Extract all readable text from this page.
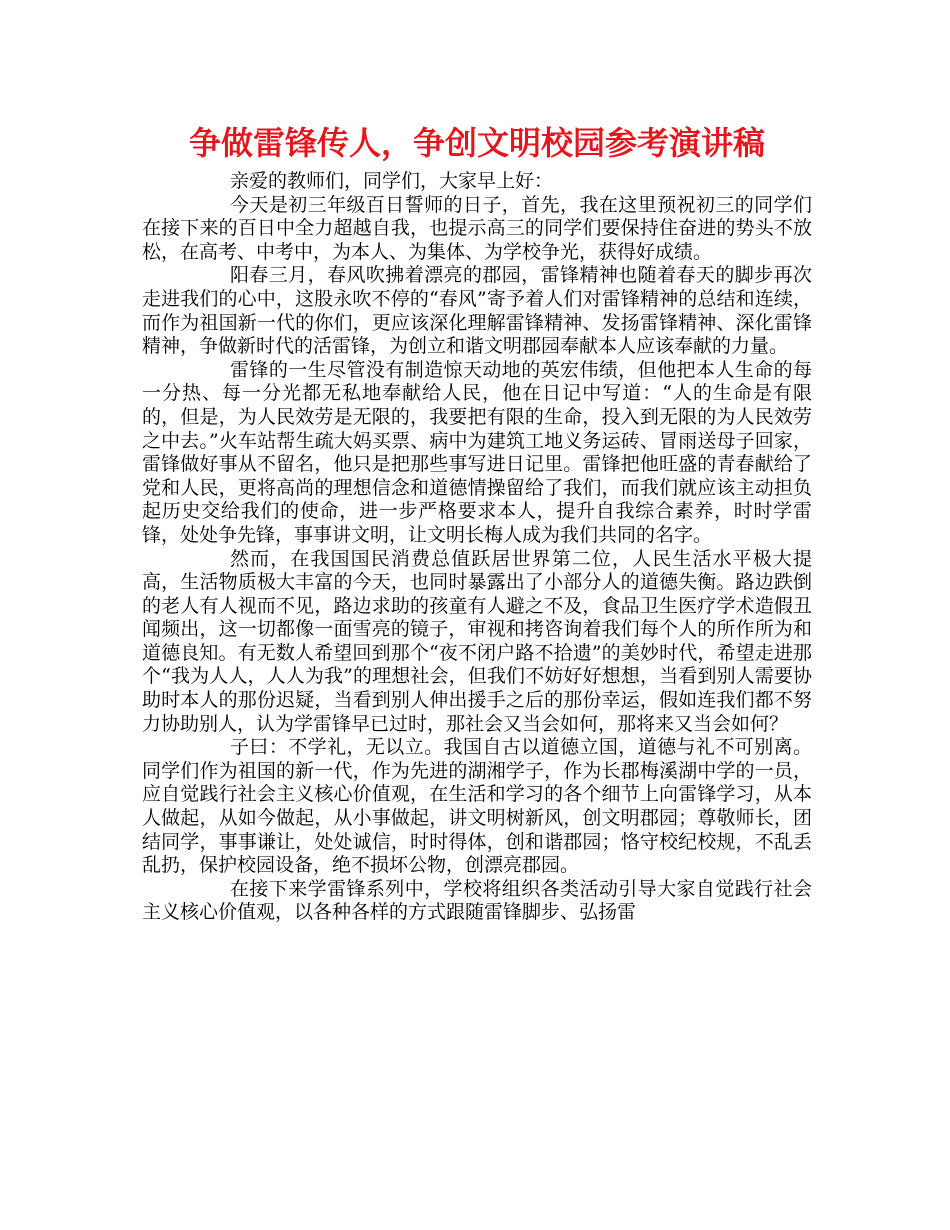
争做雷锋传人，争创文明校园参考演讲稿

亲爱的教师们，同学们，大家早上好：

今天是初三年级百日誓师的日子，首先，我在这里预祝初三的同学们在接下来的百日中全力超越自我，也提示高三的同学们要保持住奋进的势头不放松，在高考、中考中，为本人、为集体、为学校争光，获得好成绩。

阳春三月，春风吹拂着漂亮的郡园，雷锋精神也随着春天的脚步再次走进我们的心中，这股永吹不停的“春风”寄予着人们对雷锋精神的总结和连续，而作为祖国新一代的你们，更应该深化理解雷锋精神、发扬雷锋精神、深化雷锋精神，争做新时代的活雷锋，为创立和谐文明郡园奉献本人应该奉献的力量。

雷锋的一生尽管没有制造惊天动地的英宏伟绩，但他把本人生命的每一分热、每一分光都无私地奉献给人民，他在日记中写道：“人的生命是有限的，但是，为人民效劳是无限的，我要把有限的生命，投入到无限的为人民效劳之中去。”火车站帮生疏大妈买票、病中为建筑工地义务运砖、冒雨送母子回家，雷锋做好事从不留名，他只是把那些事写进日记里。雷锋把他旺盛的青春献给了党和人民，更将高尚的理想信念和道德情操留给了我们，而我们就应该主动担负起历史交给我们的使命，进一步严格要求本人，提升自我综合素养，时时学雷锋，处处争先锋，事事讲文明，让文明长梅人成为我们共同的名字。

然而，在我国国民消费总值跃居世界第二位，人民生活水平极大提高，生活物质极大丰富的今天，也同时暴露出了小部分人的道德失衡。路边跌倒的老人有人视而不见，路边求助的孩童有人避之不及，食品卫生医疗学术造假丑闻频出，这一切都像一面雪亮的镜子，审视和拷咨询着我们每个人的所作所为和道德良知。有无数人希望回到那个“夜不闭户路不拾遗”的美妙时代，希望走进那个“我为人人，人人为我”的理想社会，但我们不妨好好想想，当看到别人需要协助时本人的那份迟疑，当看到别人伸出援手之后的那份幸运，假如连我们都不努力协助别人，认为学雷锋早已过时，那社会又当会如何，那将来又当会如何？

子曰：不学礼，无以立。我国自古以道德立国，道德与礼不可别离。同学们作为祖国的新一代，作为先进的湖湘学子，作为长郡梅溪湖中学的一员，应自觉践行社会主义核心价值观，在生活和学习的各个细节上向雷锋学习，从本人做起，从如今做起，从小事做起，讲文明树新风，创文明郡园；尊敬师长，团结同学，事事谦让，处处诚信，时时得体，创和谐郡园；恪守校纪校规，不乱丢乱扔，保护校园设备，绝不损坏公物，创漂亮郡园。

在接下来学雷锋系列中，学校将组织各类活动引导大家自觉践行社会主义核心价值观，以各种各样的方式跟随雷锋脚步、弘扬雷
